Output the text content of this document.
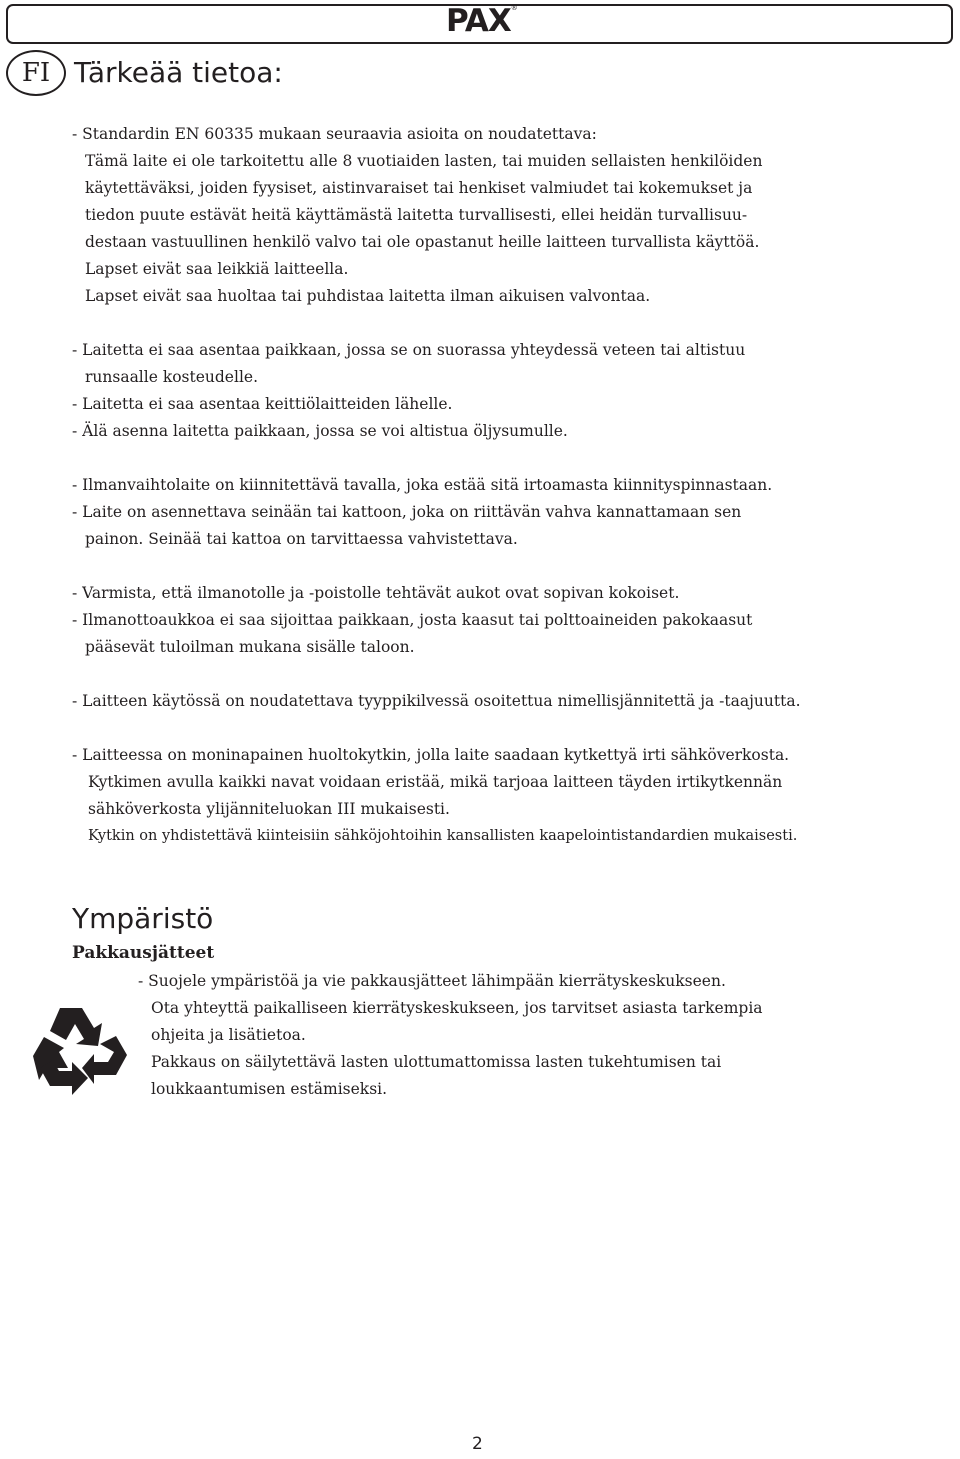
PAX®
FI Tärkeää tietoa:
- Standardin EN 60335 mukaan seuraavia asioita on noudatettava:
Tämä laite ei ole tarkoitettu alle 8 vuotiaiden lasten, tai muiden sellaisten henkilöiden
käytettäväksi, joiden fyysiset, aistinvaraiset tai henkiset valmiudet tai kokemukset ja
tiedon puute estävät heitä käyttämästä laitetta turvallisesti, ellei heidän turvallisuu-
destaan vastuullinen henkilö valvo tai ole opastanut heille laitteen turvallista käyttöä.
Lapset eivät saa leikkiä laitteella.
Lapset eivät saa huoltaa tai puhdistaa laitetta ilman aikuisen valvontaa.
- Laitetta ei saa asentaa paikkaan, jossa se on suorassa yhteydessä veteen tai altistuu
runsaalle kosteudelle.
- Laitetta ei saa asentaa keittiölaitteiden lähelle.
- Älä asenna laitetta paikkaan, jossa se voi altistua öljysumulle.
- Ilmanvaihtolaite on kiinnitettävä tavalla, joka estää sitä irtoamasta kiinnityspinnastaan.
- Laite on asennettava seinään tai kattoon, joka on riittävän vahva kannattamaan sen
painon. Seinää tai kattoa on tarvittaessa vahvistettava.
- Varmista, että ilmanotolle ja -poistolle tehtävät aukot ovat sopivan kokoiset.
- Ilmanottoaukkoa ei saa sijoittaa paikkaan, josta kaasut tai polttoaineiden pakokaasut
pääsevät tuloilman mukana sisälle taloon.
- Laitteen käytössä on noudatettava tyyppikilvessä osoitettua nimellisjännitettä ja -taajuutta.
- Laitteessa on moninapainen huoltokytkin, jolla laite saadaan kytkettyä irti sähköverkosta.
Kytkimen avulla kaikki navat voidaan eristää, mikä tarjoaa laitteen täyden irtikytkennän
sähköverkosta ylijänniteluokan III mukaisesti.
Kytkin on yhdistettävä kiinteisiin sähköjohtoihin kansallisten kaapelointistandardien mukaisesti.
Ympäristö
Pakkausjätteet
- Suojele ympäristöä ja vie pakkausjätteet lähimpään kierrätyskeskukseen.
Ota yhteyttä paikalliseen kierrätyskeskukseen, jos tarvitset asiasta tarkempia
ohjeita ja lisätietoa.
Pakkaus on säilytettävä lasten ulottumattomissa lasten tukehtumisen tai
loukkaantumisen estämiseksi.
2
